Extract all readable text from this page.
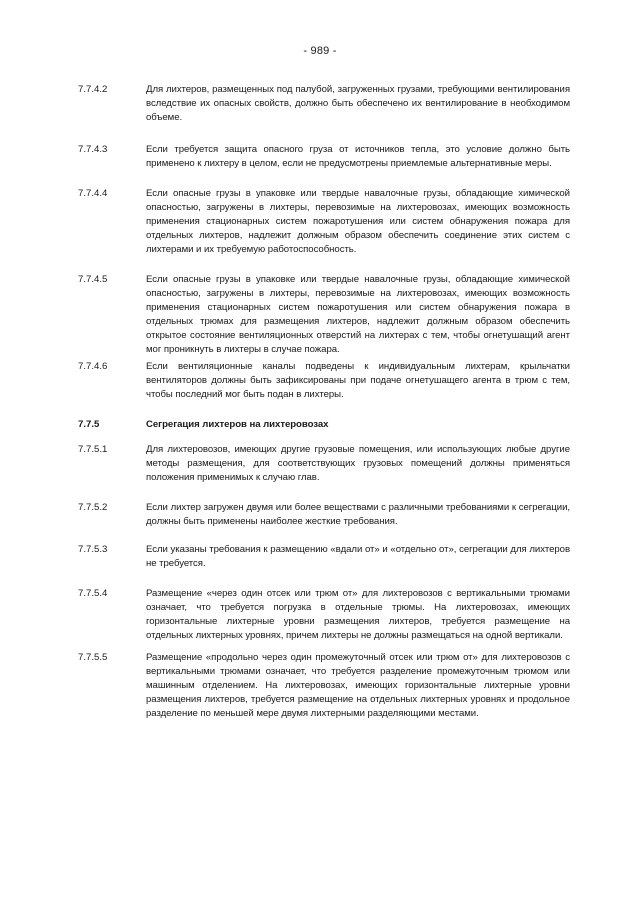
- 989 -
7.7.4.2	Для лихтеров, размещенных под палубой, загруженных грузами, требующими вентилирования вследствие их опасных свойств, должно быть обеспечено их вентилирование в необходимом объеме.
7.7.4.3	Если требуется защита опасного груза от источников тепла, это условие должно быть применено к лихтеру в целом, если не предусмотрены приемлемые альтернативные меры.
7.7.4.4	Если опасные грузы в упаковке или твердые навалочные грузы, обладающие химической опасностью, загружены в лихтеры, перевозимые на лихтеровозах, имеющих возможность применения стационарных систем пожаротушения или систем обнаружения пожара для отдельных лихтеров, надлежит должным образом обеспечить соединение этих систем с лихтерами и их требуемую работоспособность.
7.7.4.5	Если опасные грузы в упаковке или твердые навалочные грузы, обладающие химической опасностью, загружены в лихтеры, перевозимые на лихтеровозах, имеющих возможность применения стационарных систем пожаротушения или систем обнаружения пожара в отдельных трюмах для размещения лихтеров, надлежит должным образом обеспечить открытое состояние вентиляционных отверстий на лихтерах с тем, чтобы огнетушащий агент мог проникнуть в лихтеры в случае пожара.
7.7.4.6	Если вентиляционные каналы подведены к индивидуальным лихтерам, крыльчатки вентиляторов должны быть зафиксированы при подаче огнетушащего агента в трюм с тем, чтобы последний мог быть подан в лихтеры.
7.7.5	Сегрегация лихтеров на лихтеровозах
7.7.5.1	Для лихтеровозов, имеющих другие грузовые помещения, или использующих любые другие методы размещения, для соответствующих грузовых помещений должны применяться положения применимых к случаю глав.
7.7.5.2	Если лихтер загружен двумя или более веществами с различными требованиями к сегрегации, должны быть применены наиболее жесткие требования.
7.7.5.3	Если указаны требования к размещению «вдали от» и «отдельно от», сегрегации для лихтеров не требуется.
7.7.5.4	Размещение «через один отсек или трюм от» для лихтеровозов с вертикальными трюмами означает, что требуется погрузка в отдельные трюмы. На лихтеровозах, имеющих горизонтальные лихтерные уровни размещения лихтеров, требуется размещение на отдельных лихтерных уровнях, причем лихтеры не должны размещаться на одной вертикали.
7.7.5.5	Размещение «продольно через один промежуточный отсек или трюм от» для лихтеровозов с вертикальными трюмами означает, что требуется разделение промежуточным трюмом или машинным отделением. На лихтеровозах, имеющих горизонтальные лихтерные уровни размещения лихтеров, требуется размещение на отдельных лихтерных уровнях и продольное разделение по меньшей мере двумя лихтерными разделяющими местами.
